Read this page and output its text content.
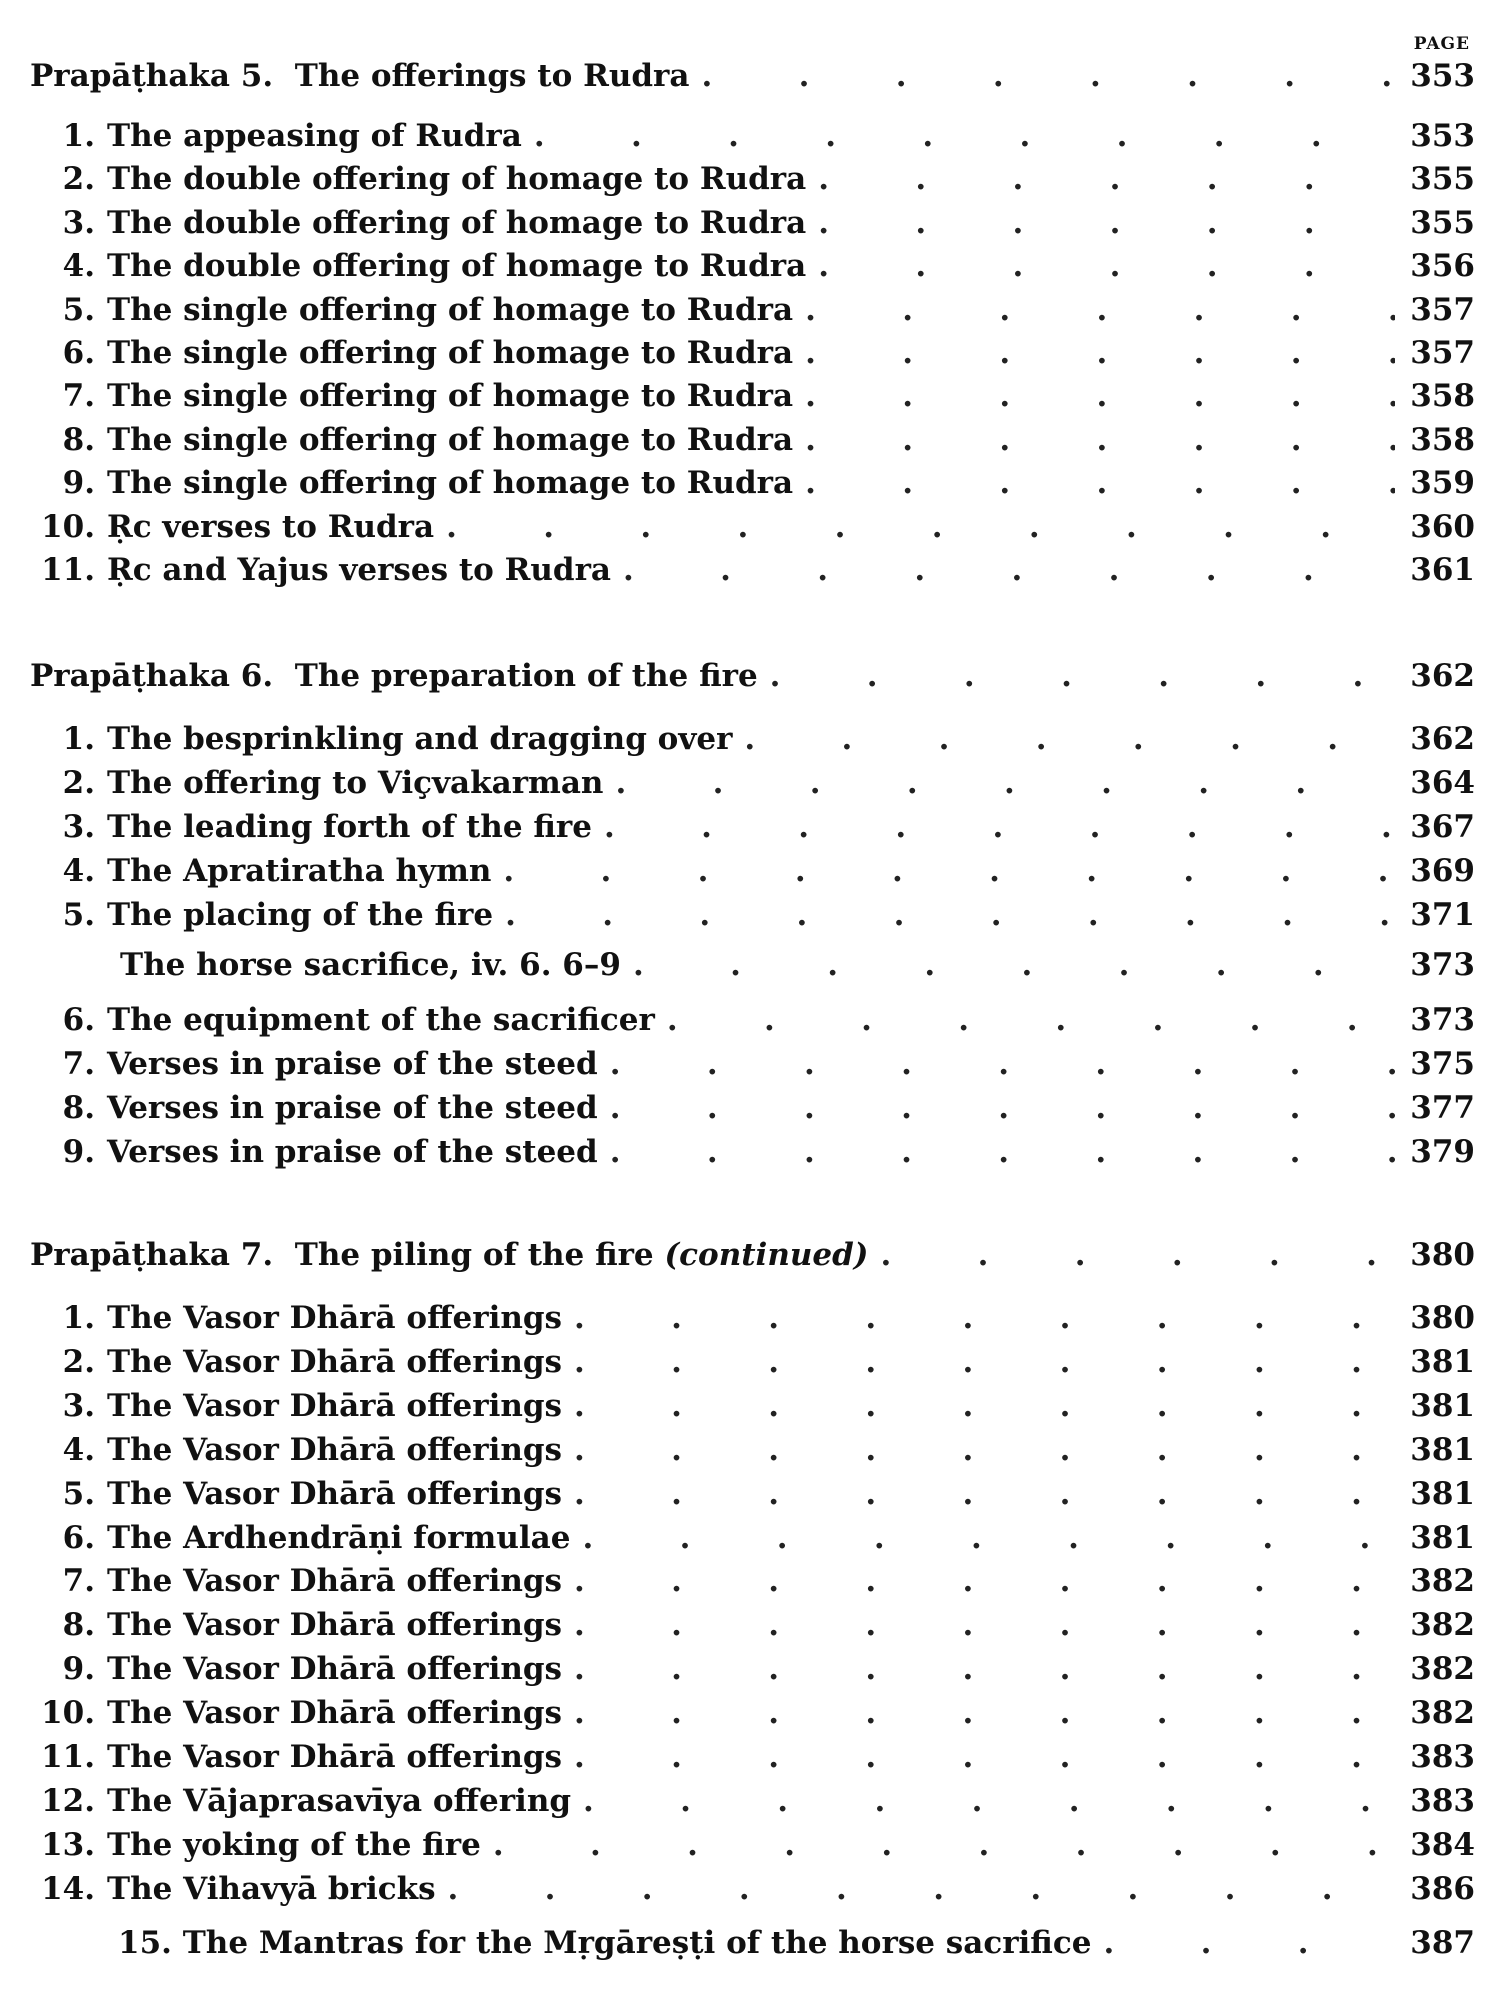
PAGE
Prapāṭhaka 5. The offerings to Rudra .	353
1. The appeasing of Rudra .	353
2. The double offering of homage to Rudra .	355
3. The double offering of homage to Rudra .	355
4. The double offering of homage to Rudra .	356
5. The single offering of homage to Rudra .	357
6. The single offering of homage to Rudra .	357
7. The single offering of homage to Rudra .	358
8. The single offering of homage to Rudra .	358
9. The single offering of homage to Rudra .	359
10. Ṛc verses to Rudra .	360
11. Ṛc and Yajus verses to Rudra .	361
Prapāṭhaka 6. The preparation of the fire .	362
1. The besprinkling and dragging over .	362
2. The offering to Viçvakarman .	364
3. The leading forth of the fire .	367
4. The Apratiratha hymn .	369
5. The placing of the fire .	371
The horse sacrifice, iv. 6. 6–9 .	373
6. The equipment of the sacrificer .	373
7. Verses in praise of the steed .	375
8. Verses in praise of the steed .	377
9. Verses in praise of the steed .	379
Prapāṭhaka 7. The piling of the fire (continued) .	380
1. The Vasor Dhārā offerings .	380
2. The Vasor Dhārā offerings .	381
3. The Vasor Dhārā offerings .	381
4. The Vasor Dhārā offerings .	381
5. The Vasor Dhārā offerings .	381
6. The Ardhendrāṇi formulae .	381
7. The Vasor Dhārā offerings .	382
8. The Vasor Dhārā offerings .	382
9. The Vasor Dhārā offerings .	382
10. The Vasor Dhārā offerings .	382
11. The Vasor Dhārā offerings .	383
12. The Vājaprasavīya offering .	383
13. The yoking of the fire .	384
14. The Vihavyā bricks .	386
15. The Mantras for the Mṛgāreṣṭi of the horse sacrifice .	387
